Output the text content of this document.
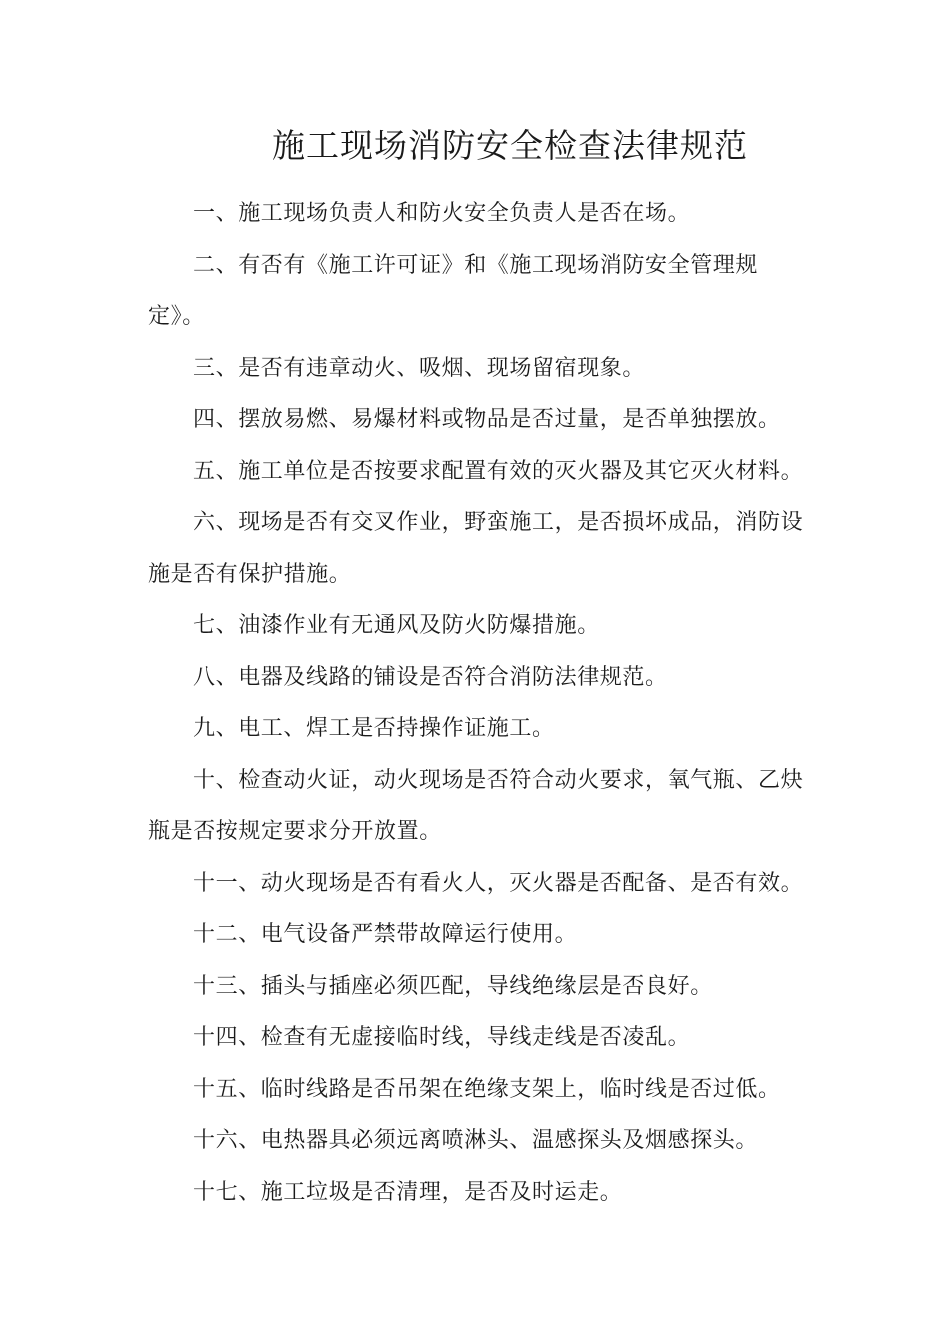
施工现场消防安全检查法律规范

一、施工现场负责人和防火安全负责人是否在场。

二、有否有《施工许可证》和《施工现场消防安全管理规定》。

三、是否有违章动火、吸烟、现场留宿现象。

四、摆放易燃、易爆材料或物品是否过量，是否单独摆放。

五、施工单位是否按要求配置有效的灭火器及其它灭火材料。

六、现场是否有交叉作业，野蛮施工，是否损坏成品，消防设施是否有保护措施。

七、油漆作业有无通风及防火防爆措施。

八、电器及线路的铺设是否符合消防法律规范。

九、电工、焊工是否持操作证施工。

十、检查动火证，动火现场是否符合动火要求，氧气瓶、乙炔瓶是否按规定要求分开放置。

十一、动火现场是否有看火人，灭火器是否配备、是否有效。

十二、电气设备严禁带故障运行使用。

十三、插头与插座必须匹配，导线绝缘层是否良好。

十四、检查有无虚接临时线，导线走线是否凌乱。

十五、临时线路是否吊架在绝缘支架上，临时线是否过低。

十六、电热器具必须远离喷淋头、温感探头及烟感探头。

十七、施工垃圾是否清理，是否及时运走。
